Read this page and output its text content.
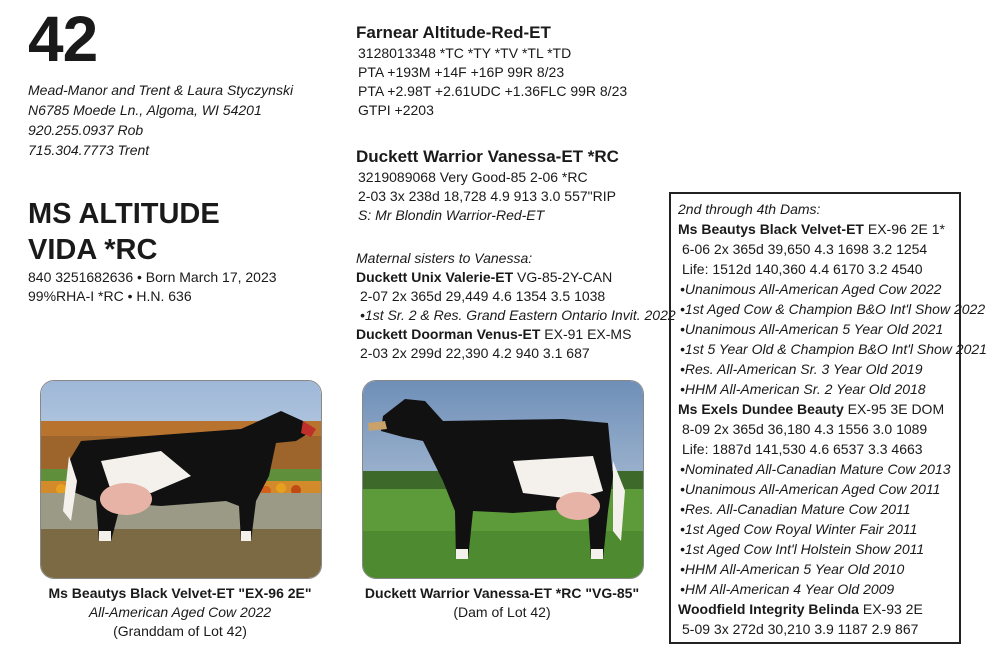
42
Mead-Manor and Trent & Laura Styczynski
N6785 Moede Ln., Algoma, WI 54201
920.255.0937 Rob
715.304.7773 Trent
MS ALTITUDE
VIDA *RC
840 3251682636 • Born March 17, 2023
99%RHA-I *RC • H.N. 636
Farnear Altitude-Red-ET
3128013348 *TC *TY *TV *TL *TD
PTA +193M +14F +16P 99R 8/23
PTA +2.98T +2.61UDC +1.36FLC 99R 8/23
GTPI +2203
Duckett Warrior Vanessa-ET *RC
3219089068 Very Good-85 2-06 *RC
2-03 3x 238d 18,728 4.9 913 3.0 557"RIP
S: Mr Blondin Warrior-Red-ET
Maternal sisters to Vanessa:
Duckett Unix Valerie-ET VG-85-2Y-CAN
2-07 2x 365d 29,449 4.6 1354 3.5 1038
•1st Sr. 2 & Res. Grand Eastern Ontario Invit. 2022
Duckett Doorman Venus-ET EX-91 EX-MS
2-03 2x 299d 22,390 4.2 940 3.1 687
2nd through 4th Dams:
Ms Beautys Black Velvet-ET EX-96 2E 1*
6-06 2x 365d 39,650 4.3 1698 3.2 1254
Life: 1512d 140,360 4.4 6170 3.2 4540
•Unanimous All-American Aged Cow 2022
•1st Aged Cow & Champion B&O Int'l Show 2022
•Unanimous All-American 5 Year Old 2021
•1st 5 Year Old & Champion B&O Int'l Show 2021
•Res. All-American Sr. 3 Year Old 2019
•HHM All-American Sr. 2 Year Old 2018
Ms Exels Dundee Beauty EX-95 3E DOM
8-09 2x 365d 36,180 4.3 1556 3.0 1089
Life: 1887d 141,530 4.6 6537 3.3 4663
•Nominated All-Canadian Mature Cow 2013
•Unanimous All-American Aged Cow 2011
•Res. All-Canadian Mature Cow 2011
•1st Aged Cow Royal Winter Fair 2011
•1st Aged Cow Int'l Holstein Show 2011
•HHM All-American 5 Year Old 2010
•HM All-American 4 Year Old 2009
Woodfield Integrity Belinda EX-93 2E
5-09 3x 272d 30,210 3.9 1187 2.9 867
Ms Beautys Black Velvet-ET "EX-96 2E"
All-American Aged Cow 2022
(Granddam of Lot 42)
Duckett Warrior Vanessa-ET *RC "VG-85"
(Dam of Lot 42)
